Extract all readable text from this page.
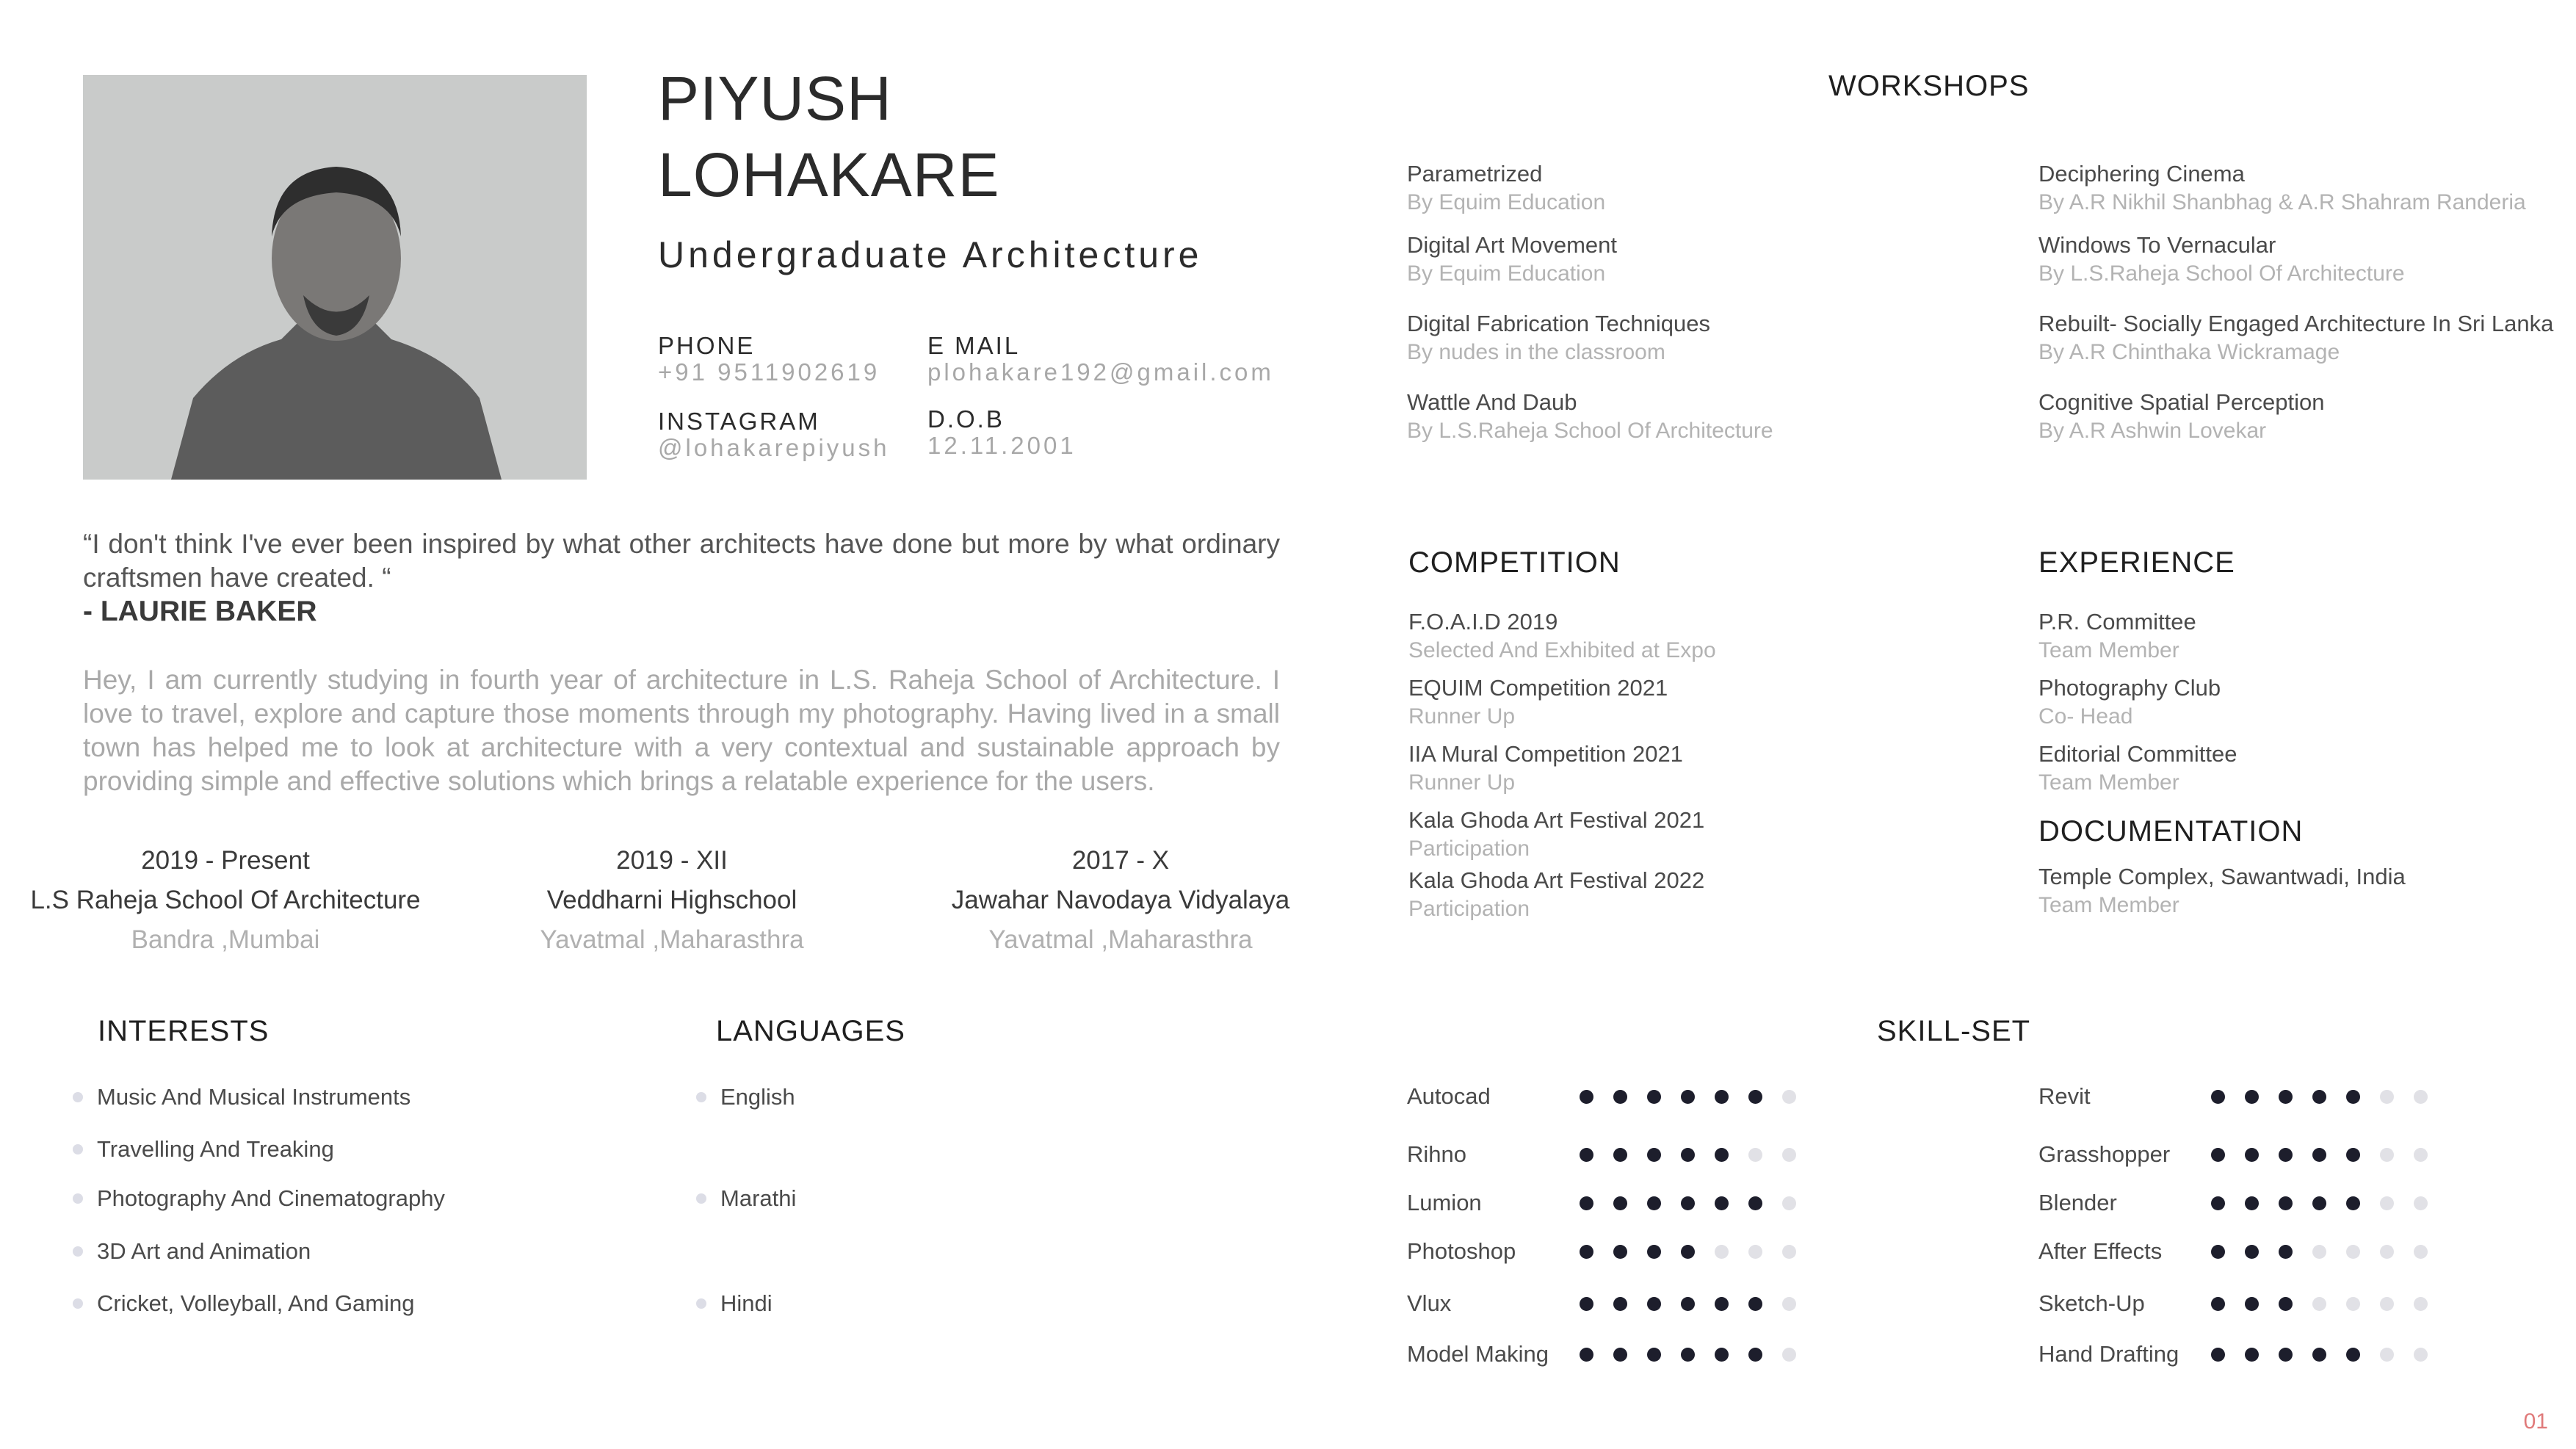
PIYUSH
LOHAKARE
Undergraduate Architecture
PHONE
+91 9511902619
INSTAGRAM
@lohakarepiyush
E MAIL
plohakare192@gmail.com
D.O.B
12.11.2001
“I don't think I've ever been inspired by what other architects have done but more by what ordinary craftsmen have created. “
- LAURIE BAKER
Hey, I am currently studying in fourth year of architecture in L.S. Raheja School of Architecture. I love to travel, explore and capture those moments through my photography. Having lived in a small town has helped me to look at architecture with a very contextual and sustainable approach by providing simple and effective solutions which brings a relatable experience for the users.
2019 - Present
L.S Raheja School Of Architecture
Bandra ,Mumbai
2019 - XII
Veddharni Highschool
Yavatmal ,Maharasthra
2017 - X
Jawahar Navodaya Vidyalaya
Yavatmal ,Maharasthra
WORKSHOPS
Parametrized
By Equim Education
Digital Art Movement
By Equim Education
Digital Fabrication Techniques
By nudes in the classroom
Wattle And Daub
By L.S.Raheja School Of Architecture
Deciphering Cinema
By A.R Nikhil Shanbhag & A.R Shahram Randeria
Windows To Vernacular
By L.S.Raheja School Of Architecture
Rebuilt- Socially Engaged Architecture In Sri Lanka
By A.R Chinthaka Wickramage
Cognitive Spatial Perception
By A.R Ashwin Lovekar
COMPETITION
F.O.A.I.D 2019
Selected And Exhibited at Expo
EQUIM Competition 2021
Runner Up
IIA Mural Competition 2021
Runner Up
Kala Ghoda Art Festival 2021
Participation
Kala Ghoda Art Festival 2022
Participation
EXPERIENCE
P.R. Committee
Team Member
Photography Club
Co- Head
Editorial Committee
Team Member
DOCUMENTATION
Temple Complex, Sawantwadi, India
Team Member
INTERESTS
Music And Musical Instruments
Travelling And Treaking
Photography And Cinematography
3D Art and Animation
Cricket, Volleyball, And Gaming
LANGUAGES
English
Marathi
Hindi
SKILL-SET
Autocad
Rihno
Lumion
Photoshop
Vlux
Model Making
Revit
Grasshopper
Blender
After Effects
Sketch-Up
Hand Drafting
01
